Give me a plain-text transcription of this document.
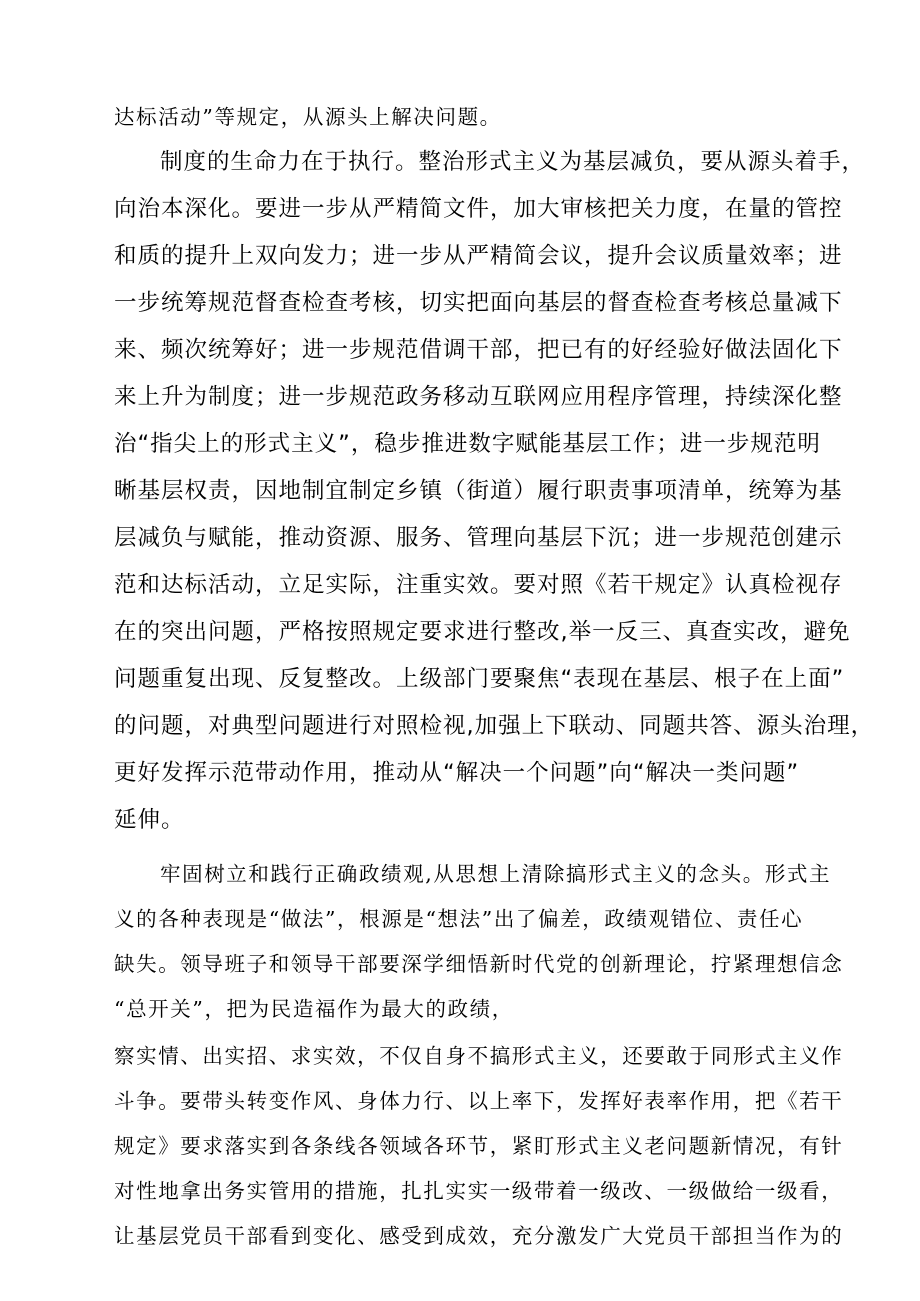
达标活动”等规定，从源头上解决问题。

制度的生命力在于执行。整治形式主义为基层减负，要从源头着手，

向治本深化。要进一步从严精简文件，加大审核把关力度，在量的管控

和质的提升上双向发力；进一步从严精简会议，提升会议质量效率；进

一步统筹规范督查检查考核，切实把面向基层的督查检查考核总量减下

来、频次统筹好；进一步规范借调干部，把已有的好经验好做法固化下

来上升为制度；进一步规范政务移动互联网应用程序管理，持续深化整

治“指尖上的形式主义”，稳步推进数字赋能基层工作；进一步规范明

晰基层权责，因地制宜制定乡镇（街道）履行职责事项清单，统筹为基

层减负与赋能，推动资源、服务、管理向基层下沉；进一步规范创建示

范和达标活动，立足实际，注重实效。要对照《若干规定》认真检视存

在的突出问题，严格按照规定要求进行整改,举一反三、真查实改，避免

问题重复出现、反复整改。上级部门要聚焦“表现在基层、根子在上面”

的问题，对典型问题进行对照检视,加强上下联动、同题共答、源头治理，

更好发挥示范带动作用，推动从“解决一个问题”向“解决一类问题”

延伸。

牢固树立和践行正确政绩观,从思想上清除搞形式主义的念头。形式主

义的各种表现是“做法”，根源是“想法”出了偏差，政绩观错位、责任心

缺失。领导班子和领导干部要深学细悟新时代党的创新理论，拧紧理想信念

“总开关”，把为民造福作为最大的政绩，

察实情、出实招、求实效，不仅自身不搞形式主义，还要敢于同形式主义作

斗争。要带头转变作风、身体力行、以上率下，发挥好表率作用，把《若干

规定》要求落实到各条线各领域各环节，紧盯形式主义老问题新情况，有针

对性地拿出务实管用的措施，扎扎实实一级带着一级改、一级做给一级看，

让基层党员干部看到变化、感受到成效，充分激发广大党员干部担当作为的
